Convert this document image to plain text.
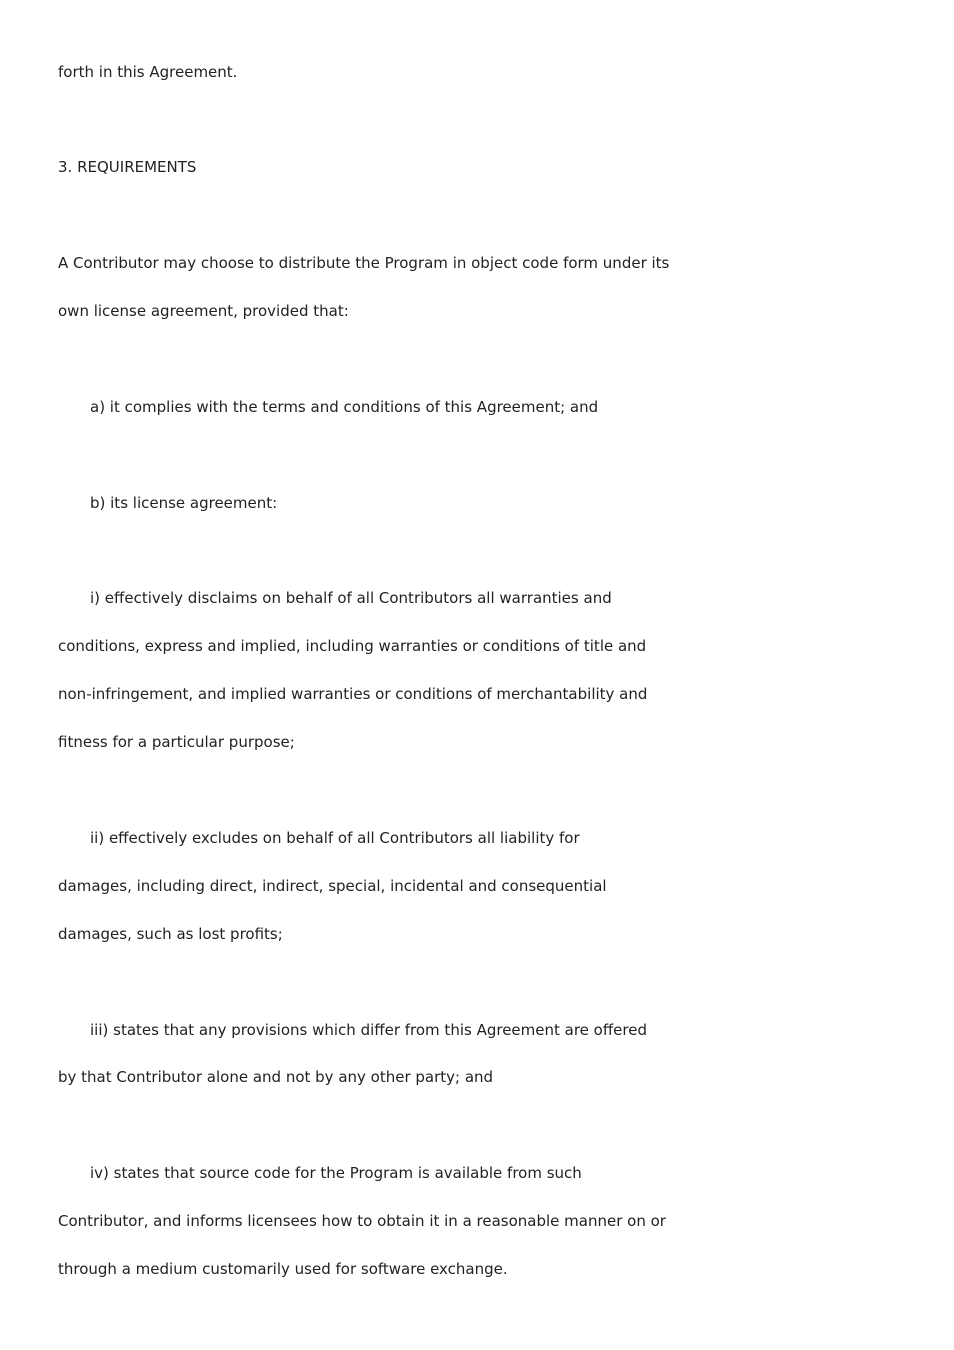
forth in this Agreement.

3. REQUIREMENTS

A Contributor may choose to distribute the Program in object code form under its

own license agreement, provided that:

a) it complies with the terms and conditions of this Agreement; and

b) its license agreement:

i) effectively disclaims on behalf of all Contributors all warranties and

conditions, express and implied, including warranties or conditions of title and

non-infringement, and implied warranties or conditions of merchantability and

fitness for a particular purpose;

ii) effectively excludes on behalf of all Contributors all liability for

damages, including direct, indirect, special, incidental and consequential

damages, such as lost profits;

iii) states that any provisions which differ from this Agreement are offered

by that Contributor alone and not by any other party; and

iv) states that source code for the Program is available from such

Contributor, and informs licensees how to obtain it in a reasonable manner on or

through a medium customarily used for software exchange.
